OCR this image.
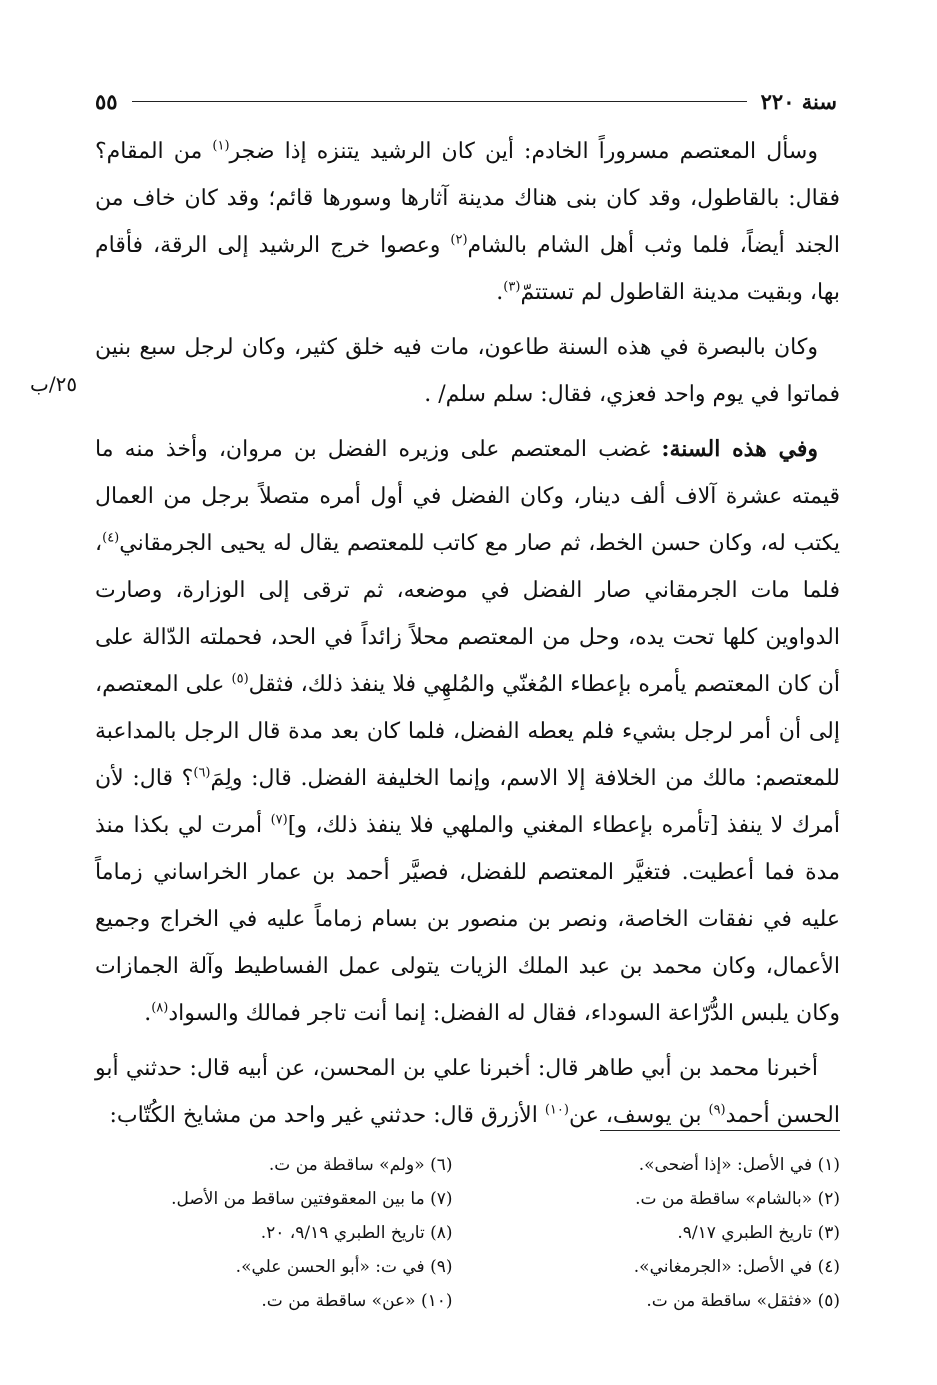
سنة ٢٢٠
٥٥
٢٥/ب

وسأل المعتصم مسروراً الخادم: أين كان الرشيد يتنزه إذا ضجر$^{(١)}$ من المقام؟ فقال: بالقاطول، وقد كان بنى هناك مدينة آثارها وسورها قائم؛ وقد كان خاف من الجند أيضاً، فلما وثب أهل الشام بالشام$^{(٢)}$ وعصوا خرج الرشيد إلى الرقة، فأقام بها، وبقيت مدينة القاطول لم تستتمّ$^{(٣)}$.

وكان بالبصرة في هذه السنة طاعون، مات فيه خلق كثير، وكان لرجل سبع بنين فماتوا في يوم واحد فعزي، فقال: سلم سلم/ .

وفي هذه السنة: غضب المعتصم على وزيره الفضل بن مروان، وأخذ منه ما قيمته عشرة آلاف ألف دينار، وكان الفضل في أول أمره متصلاً برجل من العمال يكتب له، وكان حسن الخط، ثم صار مع كاتب للمعتصم يقال له يحيى الجرمقاني$^{(٤)}$، فلما مات الجرمقاني صار الفضل في موضعه، ثم ترقى إلى الوزارة، وصارت الدواوين كلها تحت يده، وحل من المعتصم محلاً زائداً في الحد، فحملته الدّالة على أن كان المعتصم يأمره بإعطاء المُغنّي والمُلهِي فلا ينفذ ذلك، فثقل$^{(٥)}$ على المعتصم، إلى أن أمر لرجل بشيء فلم يعطه الفضل، فلما كان بعد مدة قال الرجل بالمداعبة للمعتصم: مالك من الخلافة إلا الاسم، وإنما الخليفة الفضل. قال: ولِمَ$^{(٦)}$؟ قال: لأن أمرك لا ينفذ [تأمره بإعطاء المغني والملهي فلا ينفذ ذلك، و]$^{(٧)}$ أمرت لي بكذا منذ مدة فما أعطيت. فتغيَّر المعتصم للفضل، فصيَّر أحمد بن عمار الخراساني زماماً عليه في نفقات الخاصة، ونصر بن منصور بن بسام زماماً عليه في الخراج وجميع الأعمال، وكان محمد بن عبد الملك الزيات يتولى عمل الفساطيط وآلة الجمازات وكان يلبس الدُّرّاعة السوداء، فقال له الفضل: إنما أنت تاجر فمالك والسواد$^{(٨)}$.

أخبرنا محمد بن أبي طاهر قال: أخبرنا علي بن المحسن، عن أبيه قال: حدثني أبو الحسن أحمد$^{(٩)}$ بن يوسف، عن$^{(١٠)}$ الأزرق قال: حدثني غير واحد من مشايخ الكُتّاب:

(١) في الأصل: «إذا أضحى».
(٢) «بالشام» ساقطة من ت.
(٣) تاريخ الطبري ٩/١٧.
(٤) في الأصل: «الجرمغاني».
(٥) «فثقل» ساقطة من ت.
(٦) «ولم» ساقطة من ت.
(٧) ما بين المعقوفتين ساقط من الأصل.
(٨) تاريخ الطبري ٩/١٩، ٢٠.
(٩) في ت: «أبو الحسن علي».
(١٠) «عن» ساقطة من ت.
